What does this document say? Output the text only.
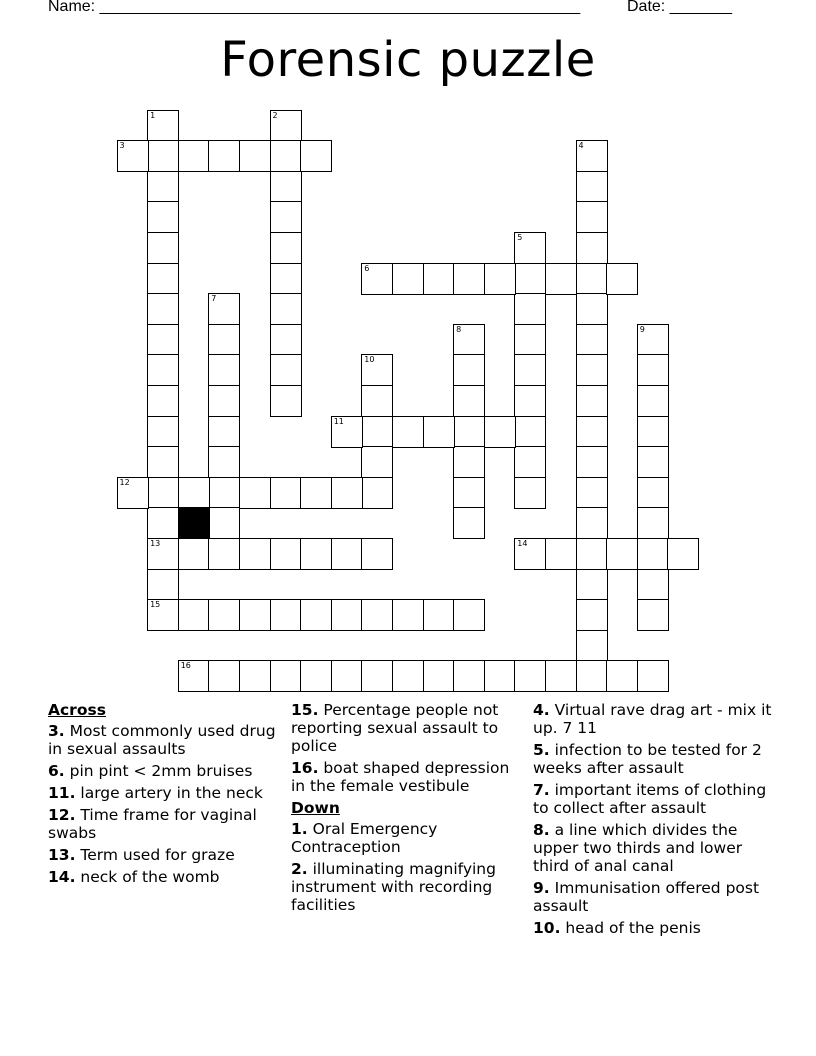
Name: ______________________________________________________	Date: _______
Forensic puzzle
1
13
2
3	4
5
6
7
8	9
10
11
12
14
15
16
Across
3. Most commonly used drug in sexual assaults
6. pin pint < 2mm bruises
11. large artery in the neck
12. Time frame for vaginal swabs
13. Term used for graze
14. neck of the womb
15. Percentage people not reporting sexual assault to police
16. boat shaped depression in the female vestibule
Down
1. Oral Emergency Contraception
2. illuminating magnifying instrument with recording facilities
4. Virtual rave drag art - mix it up. 7 11
5. infection to be tested for 2 weeks after assault
7. important items of clothing to collect after assault
8. a line which divides the upper two thirds and lower third of anal canal
9. Immunisation offered post assault
10. head of the penis
